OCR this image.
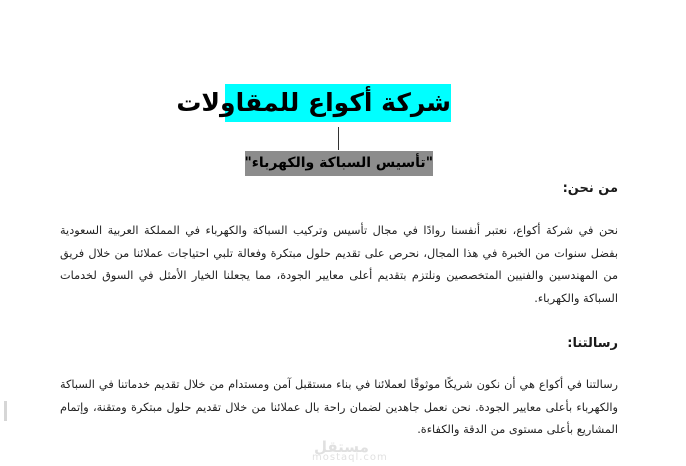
شركة أكواع للمقاولات
"تأسيس السباكة والكهرباء"
من نحن:
نحن في شركة أكواع، نعتبر أنفسنا روادًا في مجال تأسيس وتركيب السباكة والكهرباء في المملكة العربية السعودية بفضل سنوات من الخبرة في هذا المجال، نحرص على تقديم حلول مبتكرة وفعالة تلبي احتياجات عملائنا من خلال فريق من المهندسين والفنيين المتخصصين ونلتزم بتقديم أعلى معايير الجودة، مما يجعلنا الخيار الأمثل في السوق لخدمات السباكة والكهرباء.
رسالتنا:
رسالتنا في أكواع هي أن نكون شريكًا موثوقًا لعملائنا في بناء مستقبل آمن ومستدام من خلال تقديم خدماتنا في السباكة والكهرباء بأعلى معايير الجودة. نحن نعمل جاهدين لضمان راحة بال عملائنا من خلال تقديم حلول مبتكرة ومتقنة، وإتمام المشاريع بأعلى مستوى من الدقة والكفاءة.
مستقل
mostaql.com
